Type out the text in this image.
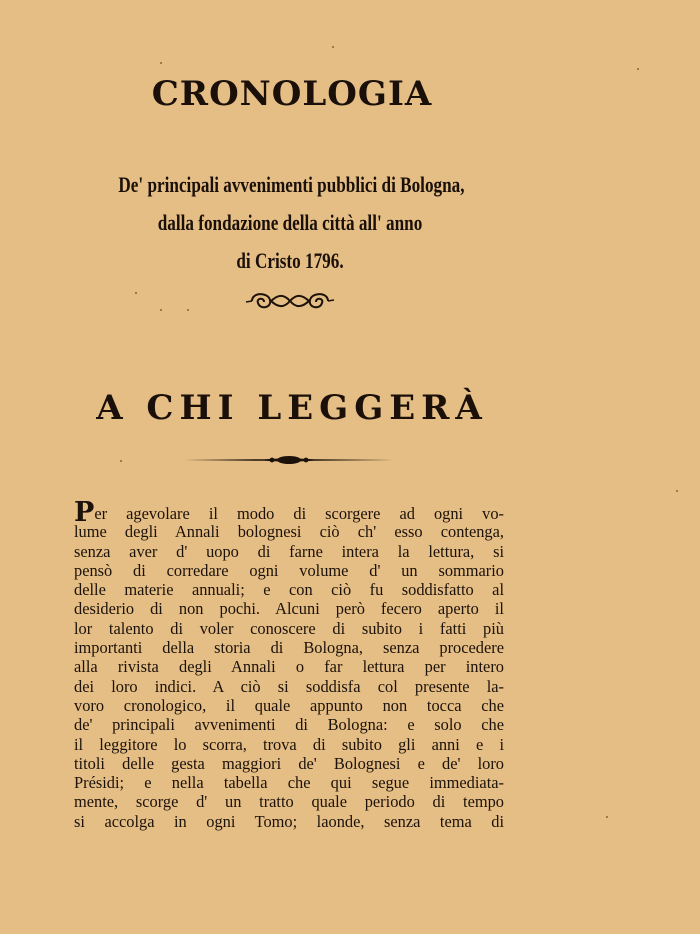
CRONOLOGIA
De' principali avvenimenti pubblici di Bologna,
dalla fondazione della città all' anno
di Cristo 1796.
A CHI LEGGERÀ
Per agevolare il modo di scorgere ad ogni vo-
lume degli Annali bolognesi ciò ch' esso contenga,
senza aver d' uopo di farne intera la lettura, si
pensò di corredare ogni volume d' un sommario
delle materie annuali; e con ciò fu soddisfatto al
desiderio di non pochi. Alcuni però fecero aperto il
lor talento di voler conoscere di subito i fatti più
importanti della storia di Bologna, senza procedere
alla rivista degli Annali o far lettura per intero
dei loro indici. A ciò si soddisfa col presente la-
voro cronologico, il quale appunto non tocca che
de' principali avvenimenti di Bologna: e solo che
il leggitore lo scorra, trova di subito gli anni e i
titoli delle gesta maggiori de' Bolognesi e de' loro
Présidi; e nella tabella che qui segue immediata-
mente, scorge d' un tratto quale periodo di tempo
si accolga in ogni Tomo; laonde, senza tema di
